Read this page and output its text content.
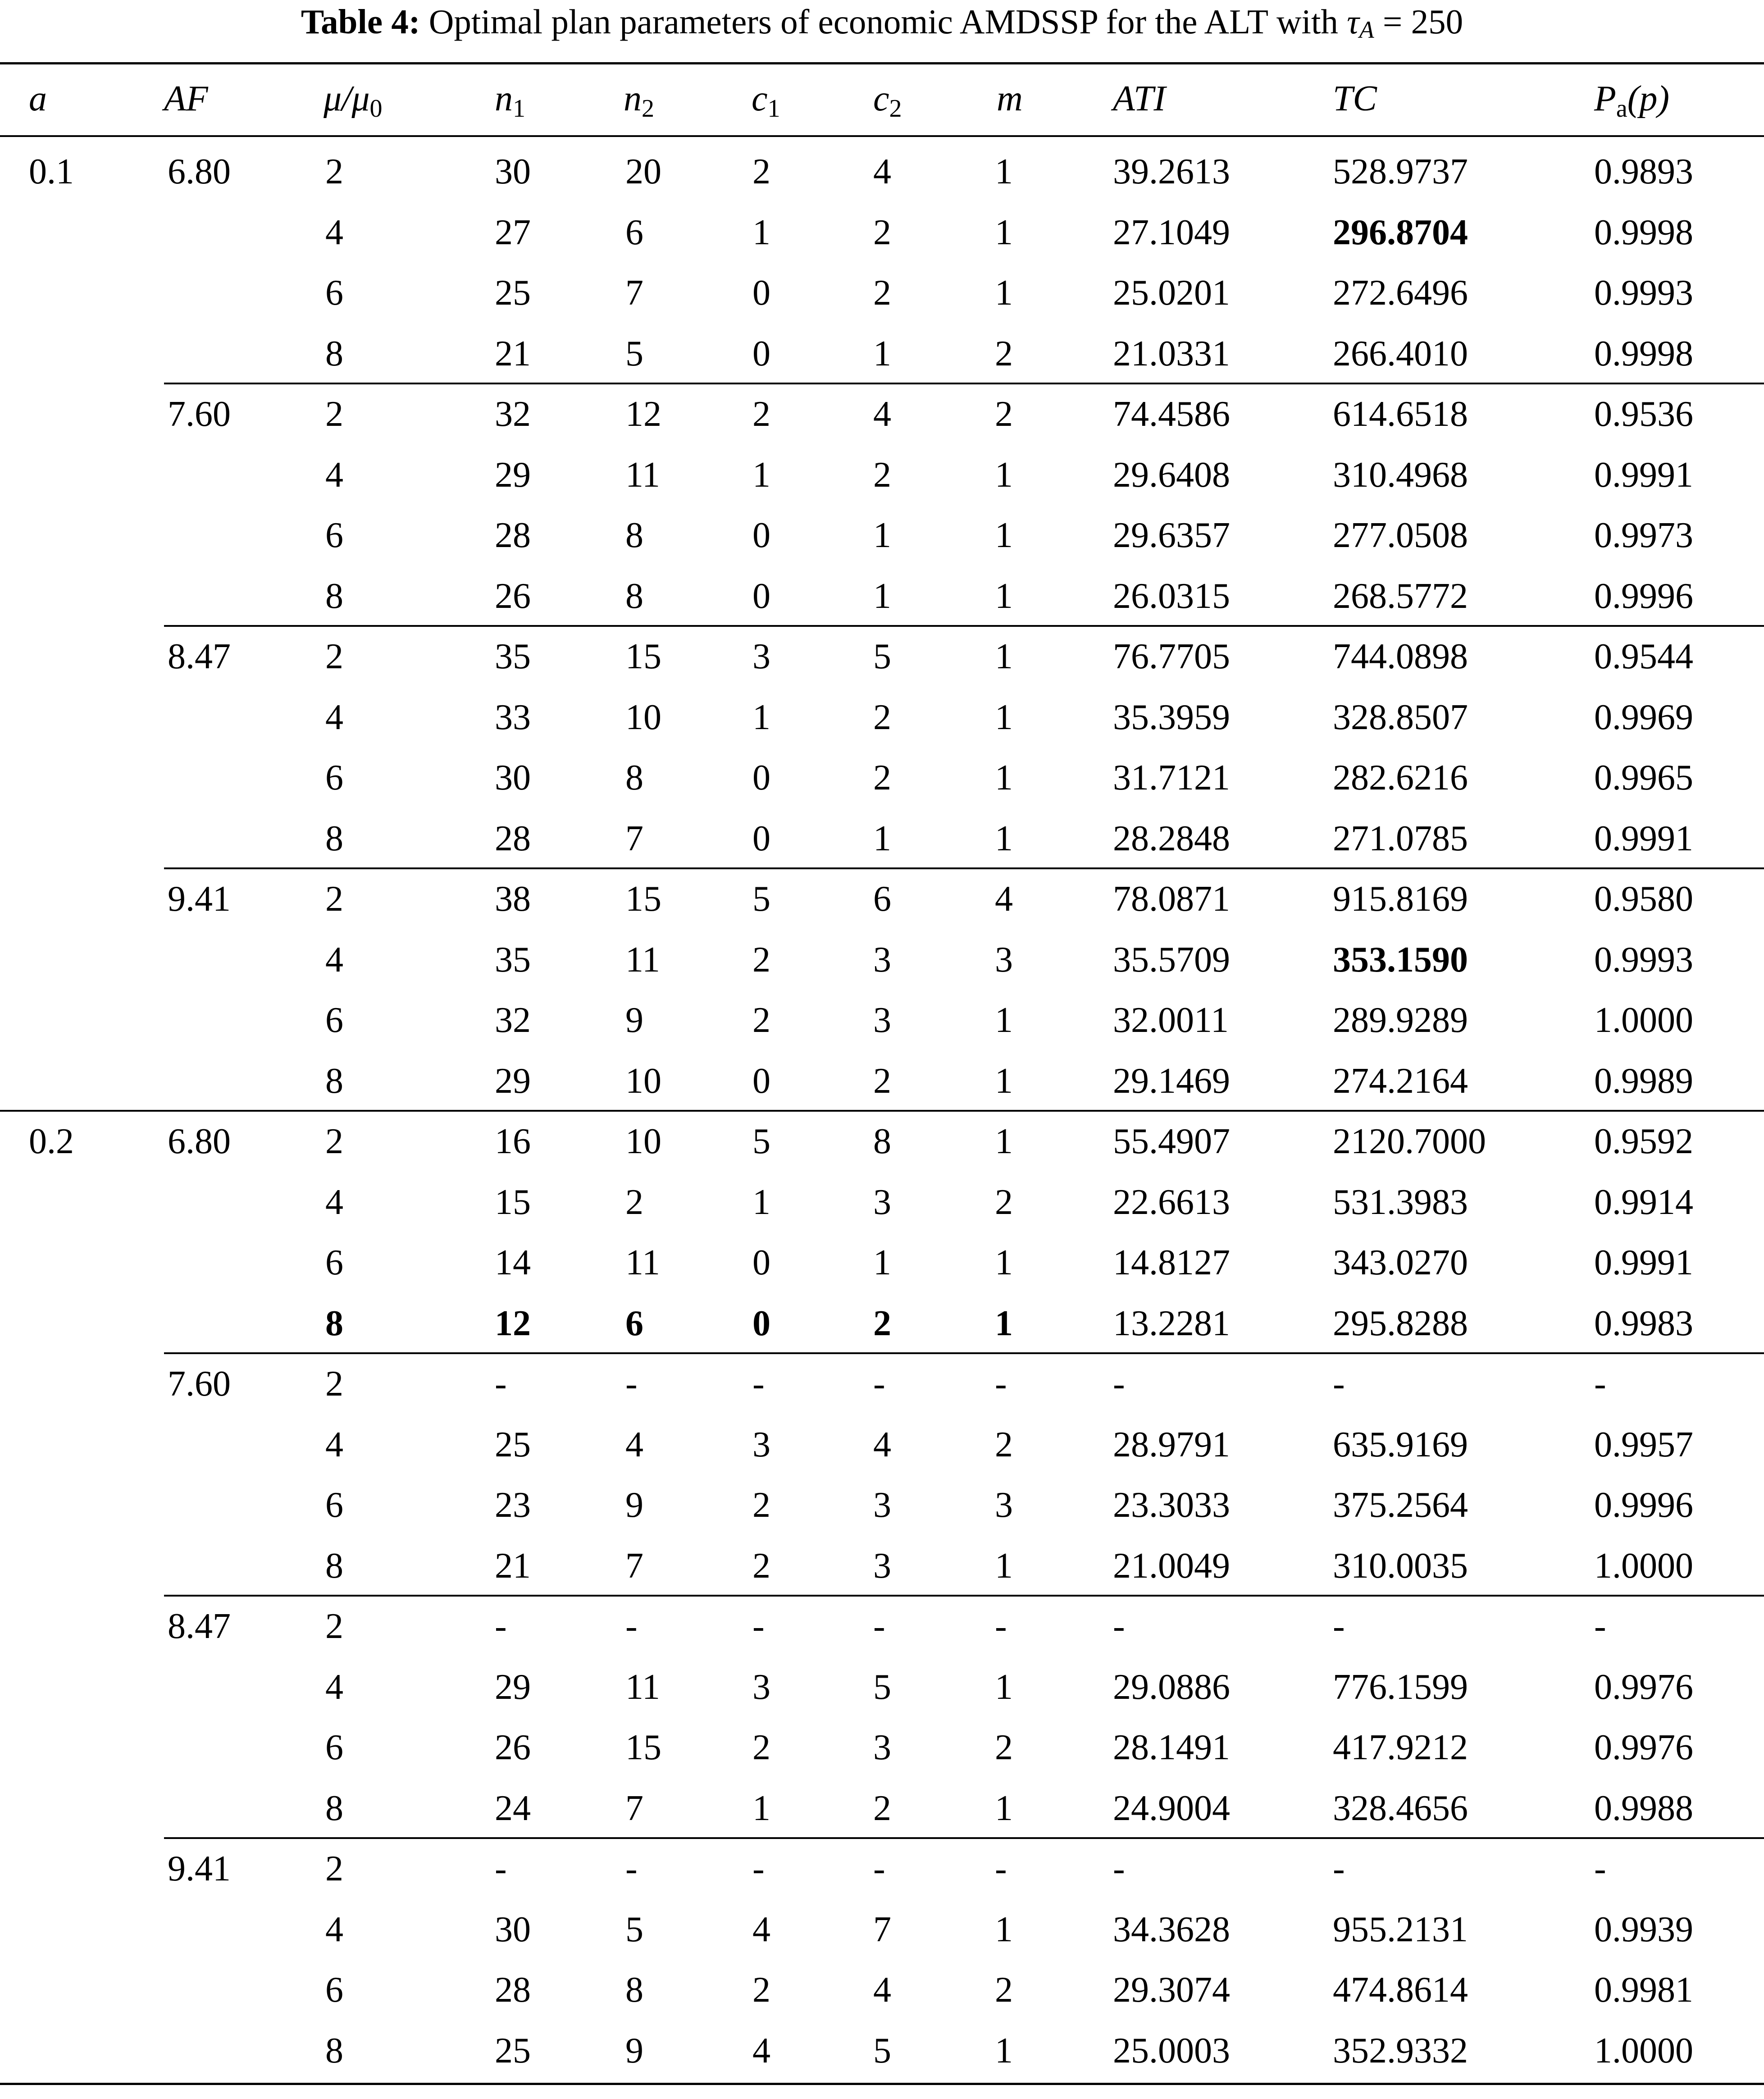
Table 4: Optimal plan parameters of economic AMDSSP for the ALT with $\tau_A = 250$
a	AF	$\mu/\mu_0$	$n_1$	$n_2$	$c_1$	$c_2$	m	ATI	TC	$P_a(p)$
0.1	6.80	2	30	20	2	4	1	39.2613	528.9737	0.9893
4	27	6	1	2	1	27.1049	296.8704	0.9998
6	25	7	0	2	1	25.0201	272.6496	0.9993
8	21	5	0	1	2	21.0331	266.4010	0.9998
7.60	2	32	12	2	4	2	74.4586	614.6518	0.9536
4	29	11	1	2	1	29.6408	310.4968	0.9991
6	28	8	0	1	1	29.6357	277.0508	0.9973
8	26	8	0	1	1	26.0315	268.5772	0.9996
8.47	2	35	15	3	5	1	76.7705	744.0898	0.9544
4	33	10	1	2	1	35.3959	328.8507	0.9969
6	30	8	0	2	1	31.7121	282.6216	0.9965
8	28	7	0	1	1	28.2848	271.0785	0.9991
9.41	2	38	15	5	6	4	78.0871	915.8169	0.9580
4	35	11	2	3	3	35.5709	353.1590	0.9993
6	32	9	2	3	1	32.0011	289.9289	1.0000
8	29	10	0	2	1	29.1469	274.2164	0.9989
0.2	6.80	2	16	10	5	8	1	55.4907	2120.7000	0.9592
4	15	2	1	3	2	22.6613	531.3983	0.9914
6	14	11	0	1	1	14.8127	343.0270	0.9991
8	12	6	0	2	1	13.2281	295.8288	0.9983
7.60	2	-	-	-	-	-	-	-	-
4	25	4	3	4	2	28.9791	635.9169	0.9957
6	23	9	2	3	3	23.3033	375.2564	0.9996
8	21	7	2	3	1	21.0049	310.0035	1.0000
8.47	2	-	-	-	-	-	-	-	-
4	29	11	3	5	1	29.0886	776.1599	0.9976
6	26	15	2	3	2	28.1491	417.9212	0.9976
8	24	7	1	2	1	24.9004	328.4656	0.9988
9.41	2	-	-	-	-	-	-	-	-
4	30	5	4	7	1	34.3628	955.2131	0.9939
6	28	8	2	4	2	29.3074	474.8614	0.9981
8	25	9	4	5	1	25.0003	352.9332	1.0000
